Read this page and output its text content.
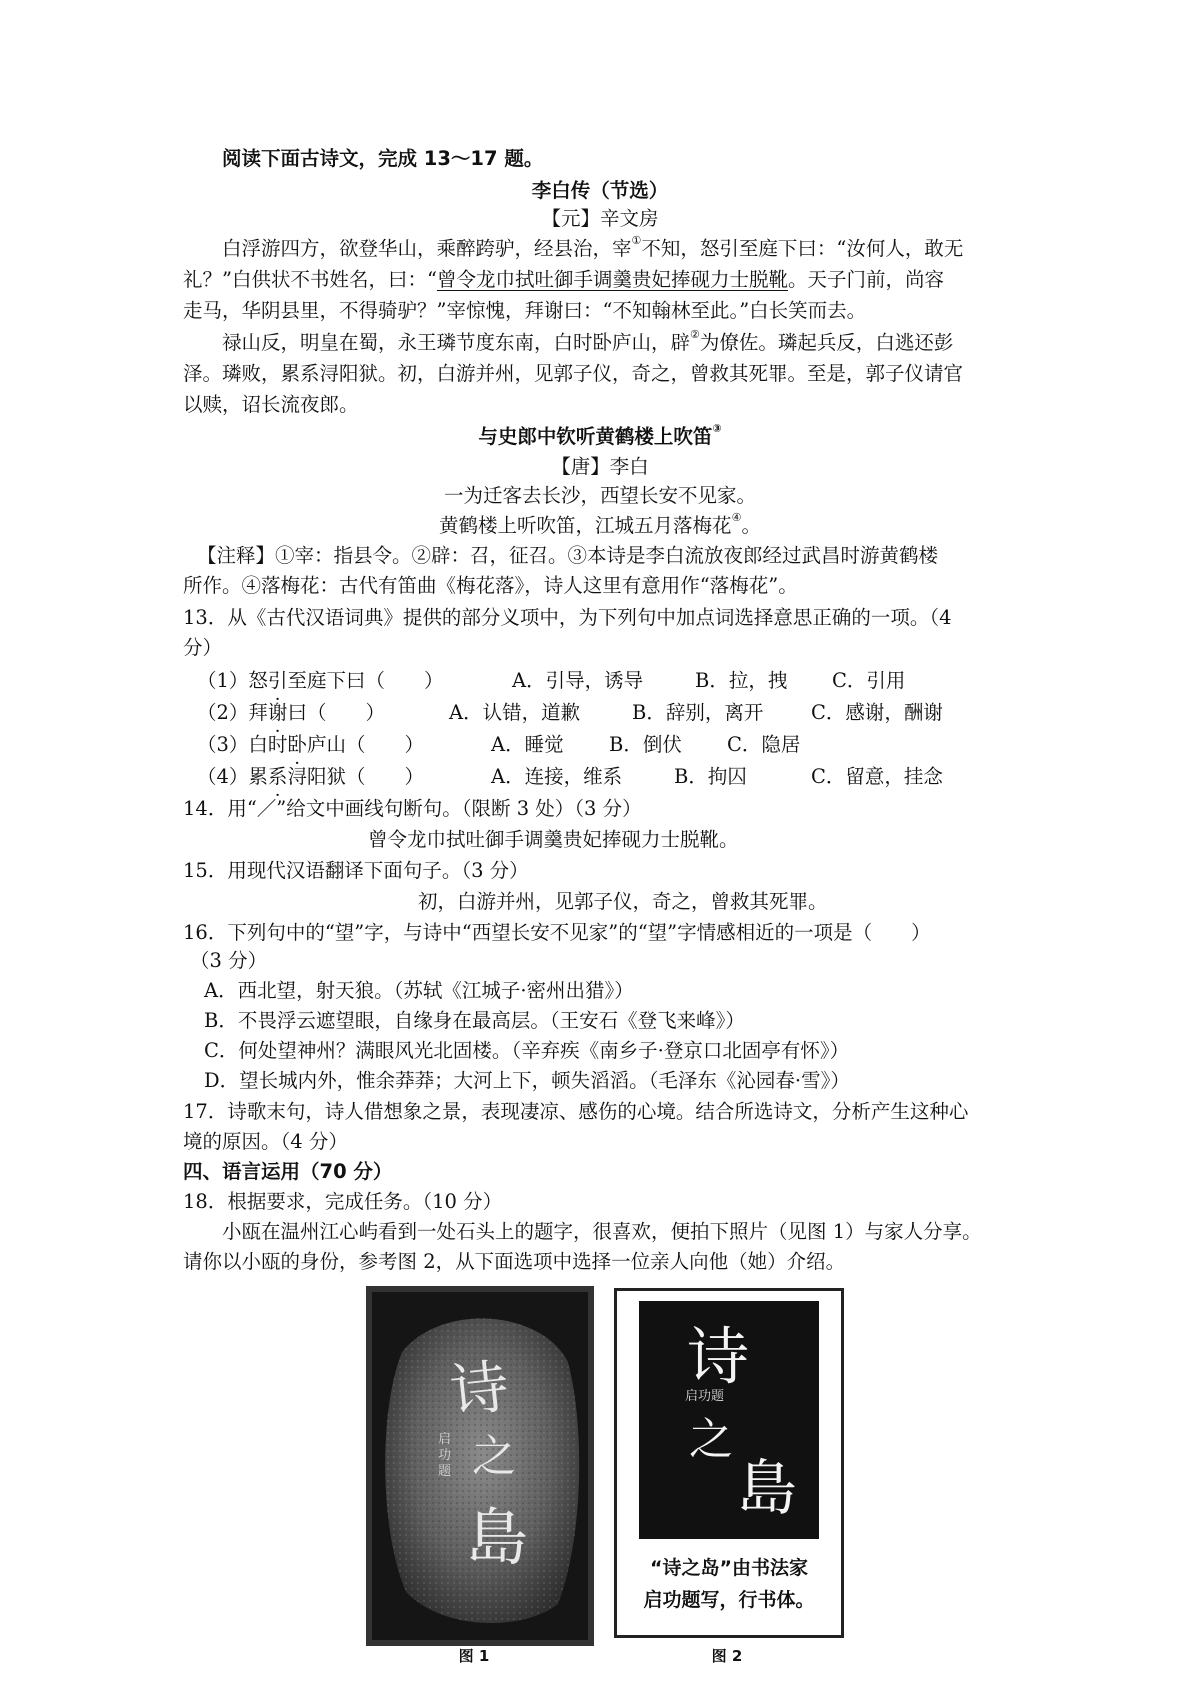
阅读下面古诗文，完成 13～17 题。
李白传（节选）
【元】辛文房
白浮游四方，欲登华山，乘醉跨驴，经县治，宰①不知，怒引至庭下曰：“汝何人，敢无
礼？”白供状不书姓名，曰：“曾令龙巾拭吐御手调羹贵妃捧砚力士脱靴。天子门前，尚容
走马，华阴县里，不得骑驴？”宰惊愧，拜谢曰：“不知翰林至此。”白长笑而去。
禄山反，明皇在蜀，永王璘节度东南，白时卧庐山，辟②为僚佐。璘起兵反，白逃还彭
泽。璘败，累系浔阳狱。初，白游并州，见郭子仪，奇之，曾救其死罪。至是，郭子仪请官
以赎，诏长流夜郎。
与史郎中钦听黄鹤楼上吹笛③
【唐】李白
一为迁客去长沙，西望长安不见家。
黄鹤楼上听吹笛，江城五月落梅花④。
【注释】①宰：指县令。②辟：召，征召。③本诗是李白流放夜郎经过武昌时游黄鹤楼
所作。④落梅花：古代有笛曲《梅花落》，诗人这里有意用作“落梅花”。
13．从《古代汉语词典》提供的部分义项中，为下列句中加点词选择意思正确的一项。（4
分）
（1）怒引至庭下曰（　　）	A．引导，诱导	B．拉，拽 C．引用
（2）拜谢曰（　　）	A．认错，道歉	B．辞别，离开 C．感谢，酬谢
（3）白时卧庐山（　　）	A．睡觉 B．倒伏 C．隐居
（4）累系浔阳狱（　　）	A．连接，维系	B．拘囚	C．留意，挂念
14．用“／”给文中画线句断句。（限断 3 处）（3 分）
曾令龙巾拭吐御手调羹贵妃捧砚力士脱靴。
15．用现代汉语翻译下面句子。（3 分）
初，白游并州，见郭子仪，奇之，曾救其死罪。
16．下列句中的“望”字，与诗中“西望长安不见家”的“望”字情感相近的一项是（　　）
（3 分）
A．西北望，射天狼。（苏轼《江城子·密州出猎》）
B．不畏浮云遮望眼，自缘身在最高层。（王安石《登飞来峰》）
C．何处望神州？满眼风光北固楼。（辛弃疾《南乡子·登京口北固亭有怀》）
D．望长城内外，惟余莽莽；大河上下，顿失滔滔。（毛泽东《沁园春·雪》）
17．诗歌末句，诗人借想象之景，表现凄凉、感伤的心境。结合所选诗文，分析产生这种心
境的原因。（4 分）
四、语言运用（70 分）
18．根据要求，完成任务。（10 分）
小瓯在温州江心屿看到一处石头上的题字，很喜欢，便拍下照片（见图 1）与家人分享。
请你以小瓯的身份，参考图 2，从下面选项中选择一位亲人向他（她）介绍。
诗
之
島
启功题
图 1
诗
之
島
启功题
“诗之岛”由书法家
启功题写，行书体。
图 2
